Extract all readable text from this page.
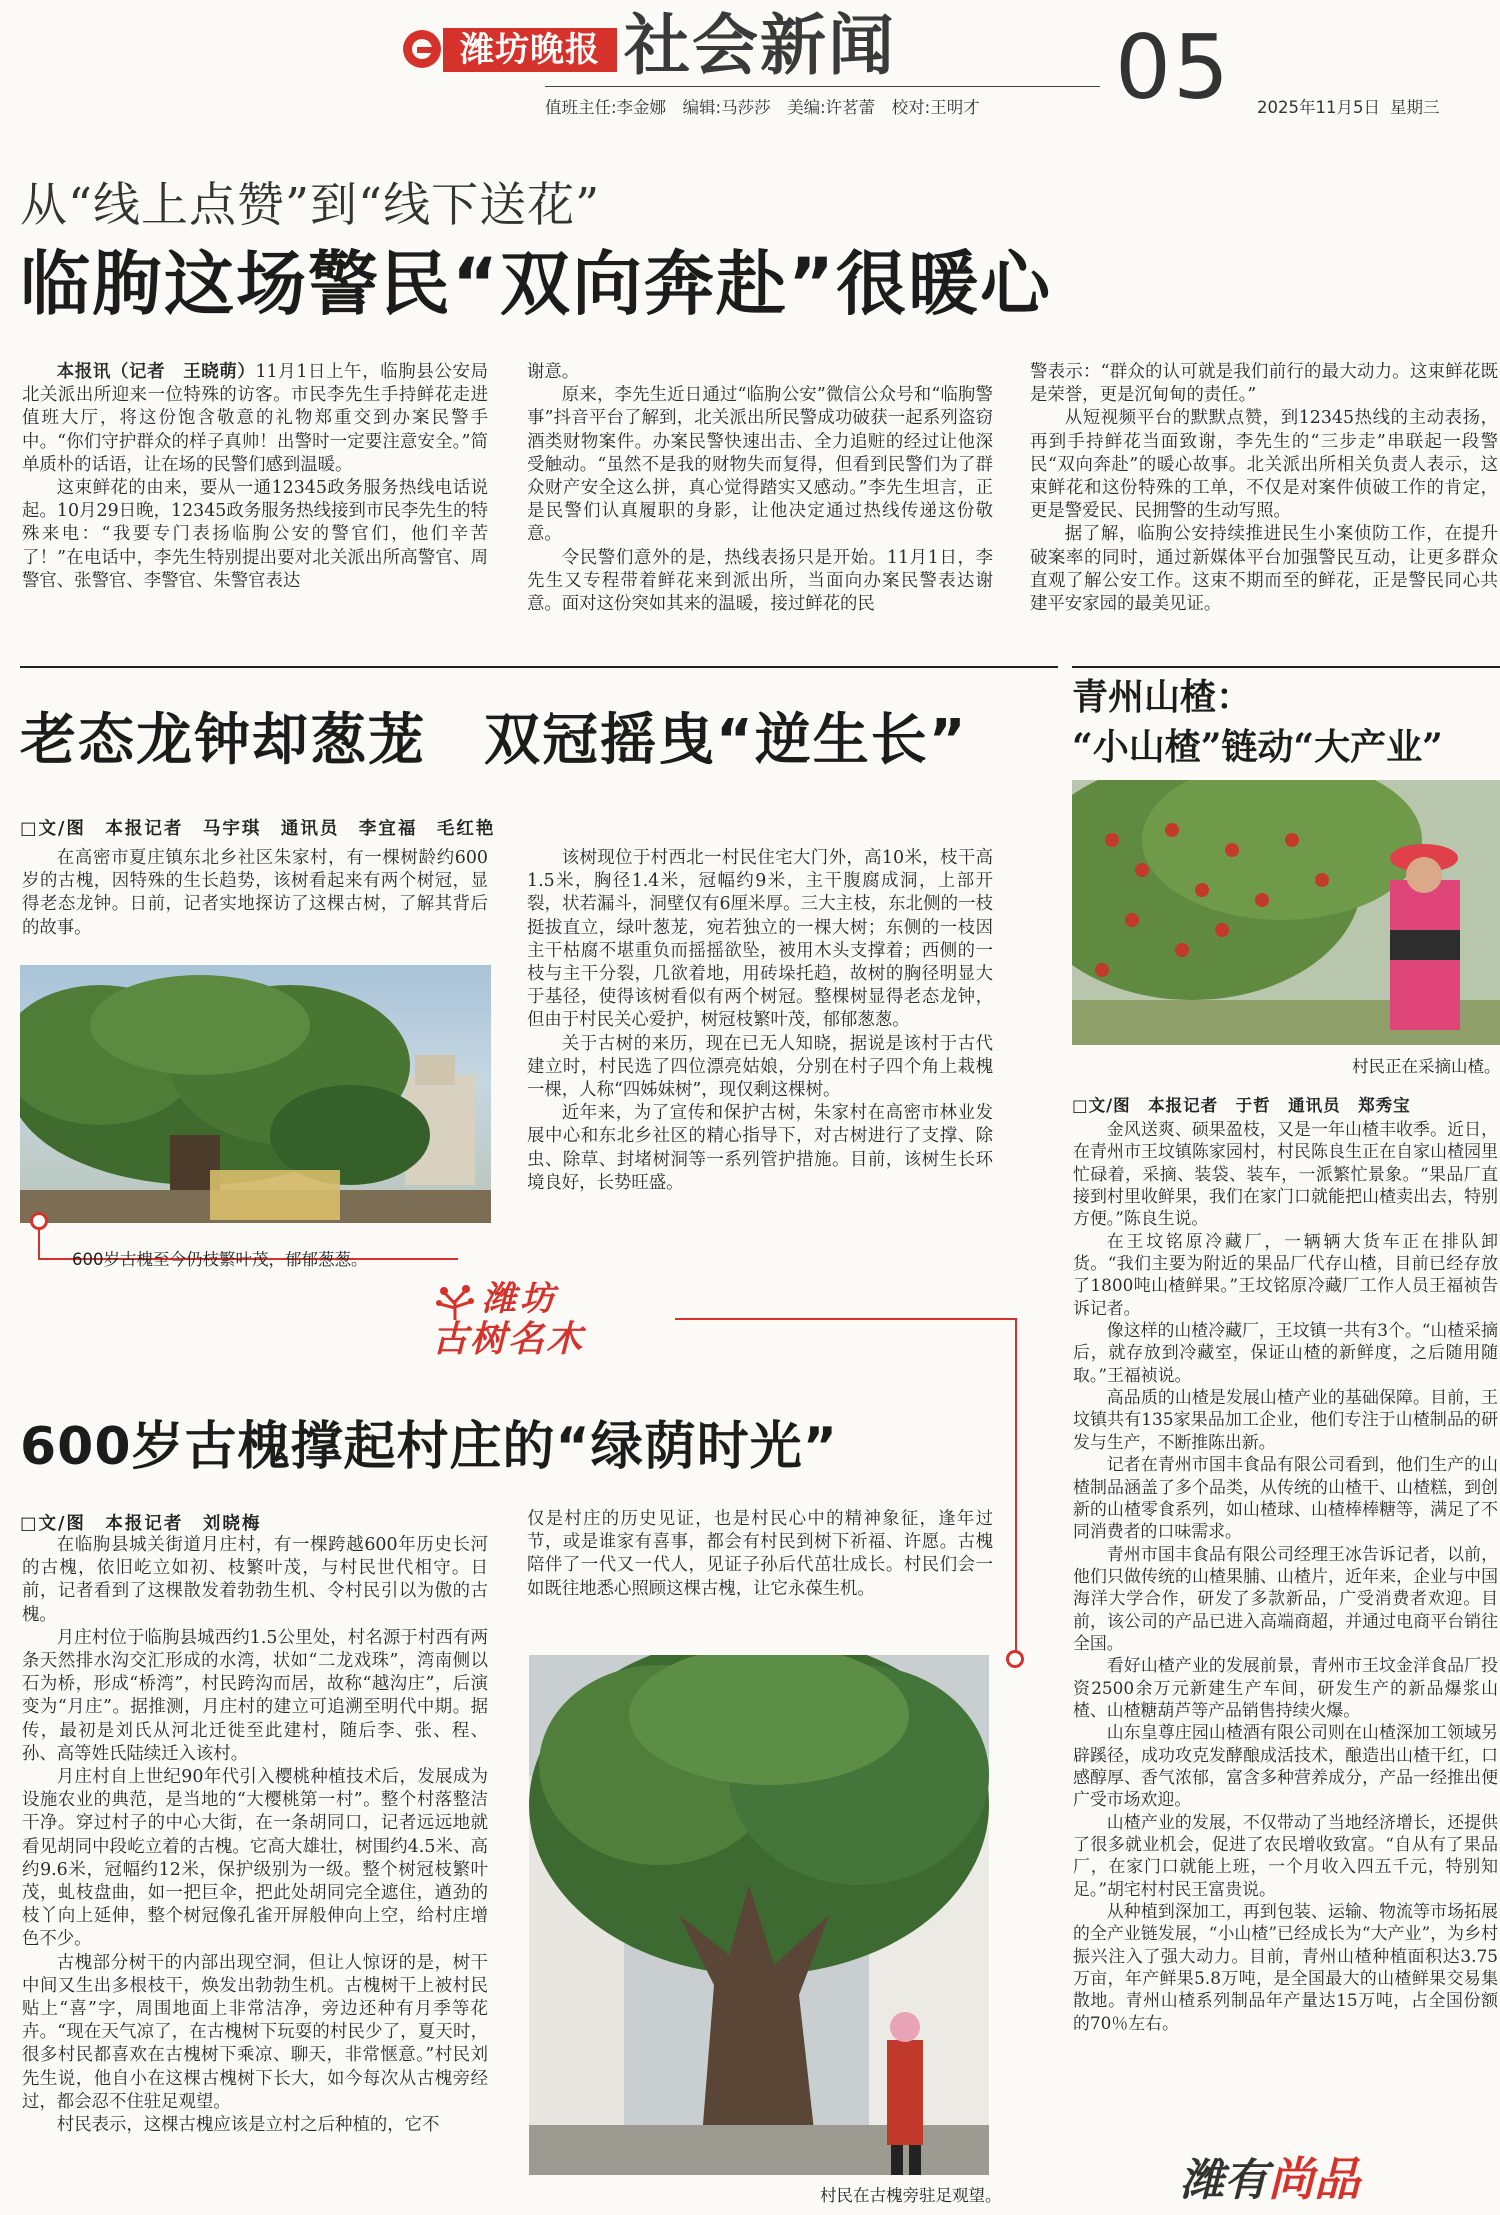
潍坊晚报 社会新闻 05
值班主任:李金娜　编辑:马莎莎　美编:许茗蕾　校对:王明才	2025年11月5日 星期三
从“线上点赞”到“线下送花”
临朐这场警民“双向奔赴”很暖心

本报讯（记者　王晓萌）11月1日上午，临朐县公安局北关派出所迎来一位特殊的访客。市民李先生手持鲜花走进值班大厅，将这份饱含敬意的礼物郑重交到办案民警手中。“你们守护群众的样子真帅！出警时一定要注意安全。”简单质朴的话语，让在场的民警们感到温暖。

这束鲜花的由来，要从一通12345政务服务热线电话说起。10月29日晚，12345政务服务热线接到市民李先生的特殊来电：“我要专门表扬临朐公安的警官们，他们辛苦了！”在电话中，李先生特别提出要对北关派出所高警官、周警官、张警官、李警官、朱警官表达

谢意。

原来，李先生近日通过“临朐公安”微信公众号和“临朐警事”抖音平台了解到，北关派出所民警成功破获一起系列盗窃酒类财物案件。办案民警快速出击、全力追赃的经过让他深受触动。“虽然不是我的财物失而复得，但看到民警们为了群众财产安全这么拼，真心觉得踏实又感动。”李先生坦言，正是民警们认真履职的身影，让他决定通过热线传递这份敬意。

令民警们意外的是，热线表扬只是开始。11月1日，李先生又专程带着鲜花来到派出所，当面向办案民警表达谢意。面对这份突如其来的温暖，接过鲜花的民

警表示：“群众的认可就是我们前行的最大动力。这束鲜花既是荣誉，更是沉甸甸的责任。”

从短视频平台的默默点赞，到12345热线的主动表扬，再到手持鲜花当面致谢，李先生的“三步走”串联起一段警民“双向奔赴”的暖心故事。北关派出所相关负责人表示，这束鲜花和这份特殊的工单，不仅是对案件侦破工作的肯定，更是警爱民、民拥警的生动写照。

据了解，临朐公安持续推进民生小案侦防工作，在提升破案率的同时，通过新媒体平台加强警民互动，让更多群众直观了解公安工作。这束不期而至的鲜花，正是警民同心共建平安家园的最美见证。

老态龙钟却葱茏　双冠摇曳“逆生长”
□文/图　本报记者　马宇琪　通讯员　李宜福　毛红艳

在高密市夏庄镇东北乡社区朱家村，有一棵树龄约600岁的古槐，因特殊的生长趋势，该树看起来有两个树冠，显得老态龙钟。日前，记者实地探访了这棵古树，了解其背后的故事。

600岁古槐至今仍枝繁叶茂，郁郁葱葱。

该树现位于村西北一村民住宅大门外，高10米，枝干高1.5米，胸径1.4米，冠幅约9米，主干腹腐成洞，上部开裂，状若漏斗，洞壁仅有6厘米厚。三大主枝，东北侧的一枝挺拔直立，绿叶葱茏，宛若独立的一棵大树；东侧的一枝因主干枯腐不堪重负而摇摇欲坠，被用木头支撑着；西侧的一枝与主干分裂，几欲着地，用砖垛托趋，故树的胸径明显大于基径，使得该树看似有两个树冠。整棵树显得老态龙钟，但由于村民关心爱护，树冠枝繁叶茂，郁郁葱葱。

关于古树的来历，现在已无人知晓，据说是该村于古代建立时，村民选了四位漂亮姑娘，分别在村子四个角上栽槐一棵，人称“四姊妹树”，现仅剩这棵树。

近年来，为了宣传和保护古树，朱家村在高密市林业发展中心和东北乡社区的精心指导下，对古树进行了支撑、除虫、除草、封堵树洞等一系列管护措施。目前，该树生长环境良好，长势旺盛。

潍坊
古树名木
600岁古槐撑起村庄的“绿荫时光”
□文/图　本报记者　刘晓梅

在临朐县城关街道月庄村，有一棵跨越600年历史长河的古槐，依旧屹立如初、枝繁叶茂，与村民世代相守。日前，记者看到了这棵散发着勃勃生机、令村民引以为傲的古槐。

月庄村位于临朐县城西约1.5公里处，村名源于村西有两条天然排水沟交汇形成的水湾，状如“二龙戏珠”，湾南侧以石为桥，形成“桥湾”，村民跨沟而居，故称“越沟庄”，后演变为“月庄”。据推测，月庄村的建立可追溯至明代中期。据传，最初是刘氏从河北迁徙至此建村，随后李、张、程、孙、高等姓氏陆续迁入该村。

月庄村自上世纪90年代引入樱桃种植技术后，发展成为设施农业的典范，是当地的“大樱桃第一村”。整个村落整洁干净。穿过村子的中心大街，在一条胡同口，记者远远地就看见胡同中段屹立着的古槐。它高大雄壮，树围约4.5米、高约9.6米，冠幅约12米，保护级别为一级。整个树冠枝繁叶茂，虬枝盘曲，如一把巨伞，把此处胡同完全遮住，遒劲的枝丫向上延伸，整个树冠像孔雀开屏般伸向上空，给村庄增色不少。

古槐部分树干的内部出现空洞，但让人惊讶的是，树干中间又生出多根枝干，焕发出勃勃生机。古槐树干上被村民贴上“喜”字，周围地面上非常洁净，旁边还种有月季等花卉。“现在天气凉了，在古槐树下玩耍的村民少了，夏天时，很多村民都喜欢在古槐树下乘凉、聊天，非常惬意。”村民刘先生说，他自小在这棵古槐树下长大，如今每次从古槐旁经过，都会忍不住驻足观望。

村民表示，这棵古槐应该是立村之后种植的，它不

仅是村庄的历史见证，也是村民心中的精神象征，逢年过节，或是谁家有喜事，都会有村民到树下祈福、许愿。古槐陪伴了一代又一代人，见证子孙后代茁壮成长。村民们会一如既往地悉心照顾这棵古槐，让它永葆生机。

村民在古槐旁驻足观望。
青州山楂：
“小山楂”链动“大产业”
村民正在采摘山楂。
□文/图　本报记者　于哲　通讯员　郑秀宝

金风送爽、硕果盈枝，又是一年山楂丰收季。近日，在青州市王坟镇陈家园村，村民陈良生正在自家山楂园里忙碌着，采摘、装袋、装车，一派繁忙景象。“果品厂直接到村里收鲜果，我们在家门口就能把山楂卖出去，特别方便。”陈良生说。

在王坟铭原冷藏厂，一辆辆大货车正在排队卸货。“我们主要为附近的果品厂代存山楂，目前已经存放了1800吨山楂鲜果。”王坟铭原冷藏厂工作人员王福祯告诉记者。

像这样的山楂冷藏厂，王坟镇一共有3个。“山楂采摘后，就存放到冷藏室，保证山楂的新鲜度，之后随用随取。”王福祯说。

高品质的山楂是发展山楂产业的基础保障。目前，王坟镇共有135家果品加工企业，他们专注于山楂制品的研发与生产，不断推陈出新。

记者在青州市国丰食品有限公司看到，他们生产的山楂制品涵盖了多个品类，从传统的山楂干、山楂糕，到创新的山楂零食系列，如山楂球、山楂棒棒糖等，满足了不同消费者的口味需求。

青州市国丰食品有限公司经理王冰告诉记者，以前，他们只做传统的山楂果脯、山楂片，近年来，企业与中国海洋大学合作，研发了多款新品，广受消费者欢迎。目前，该公司的产品已进入高端商超，并通过电商平台销往全国。

看好山楂产业的发展前景，青州市王坟金洋食品厂投资2500余万元新建生产车间，研发生产的新品爆浆山楂、山楂糖葫芦等产品销售持续火爆。

山东皇尊庄园山楂酒有限公司则在山楂深加工领域另辟蹊径，成功攻克发酵酿成活技术，酿造出山楂干红，口感醇厚、香气浓郁，富含多种营养成分，产品一经推出便广受市场欢迎。

山楂产业的发展，不仅带动了当地经济增长，还提供了很多就业机会，促进了农民增收致富。“自从有了果品厂，在家门口就能上班，一个月收入四五千元，特别知足。”胡宅村村民王富贵说。

从种植到深加工，再到包装、运输、物流等市场拓展的全产业链发展，“小山楂”已经成长为“大产业”，为乡村振兴注入了强大动力。目前，青州山楂种植面积达3.75万亩，年产鲜果5.8万吨，是全国最大的山楂鲜果交易集散地。青州山楂系列制品年产量达15万吨，占全国份额的70％左右。

潍有尚品
